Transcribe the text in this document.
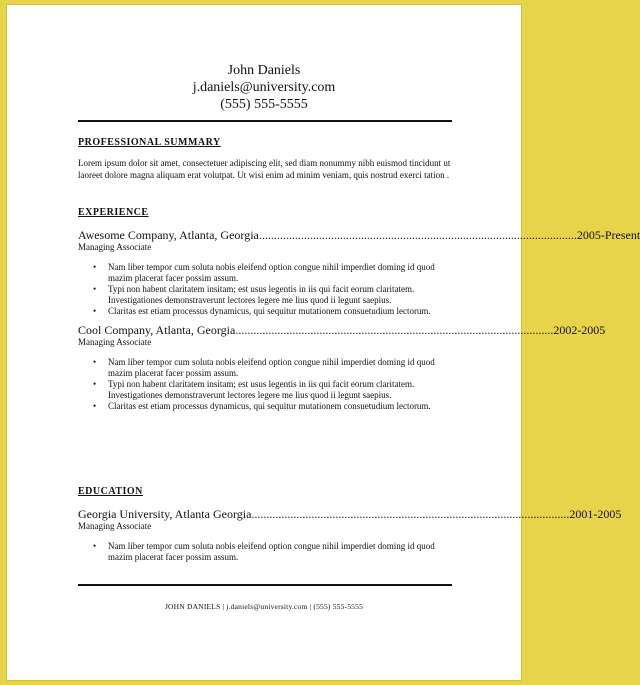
John Daniels
j.daniels@university.com
(555) 555-5555

PROFESSIONAL SUMMARY

Lorem ipsum dolor sit amet, consectetuer adipiscing elit, sed diam nonummy nibh euismod tincidunt ut laoreet dolore magna aliquam erat volutpat. Ut wisi enim ad minim veniam, quis nostrud exerci tation .

EXPERIENCE

Awesome Company, Atlanta, Georgia .......................................................................................................... 2005-Present
Managing Associate
• Nam liber tempor cum soluta nobis eleifend option congue nihil imperdiet doming id quod mazim placerat facer possim assum.
• Typi non habent claritatem insitam; est usus legentis in iis qui facit eorum claritatem. Investigationes demonstraverunt lectores legere me lius quod ii legunt saepius.
• Claritas est etiam processus dynamicus, qui sequitur mutationem consuetudium lectorum.
Cool Company, Atlanta, Georgia .......................................................................................................... 2002-2005
Managing Associate
• Nam liber tempor cum soluta nobis eleifend option congue nihil imperdiet doming id quod mazim placerat facer possim assum.
• Typi non habent claritatem insitam; est usus legentis in iis qui facit eorum claritatem. Investigationes demonstraverunt lectores legere me lius quod ii legunt saepius.
• Claritas est etiam processus dynamicus, qui sequitur mutationem consuetudium lectorum.

EDUCATION

Georgia University, Atlanta Georgia .......................................................................................................... 2001-2005
Managing Associate
• Nam liber tempor cum soluta nobis eleifend option congue nihil imperdiet doming id quod mazim placerat facer possim assum.
JOHN DANIELS | j.daniels@university.com | (555) 555-5555
